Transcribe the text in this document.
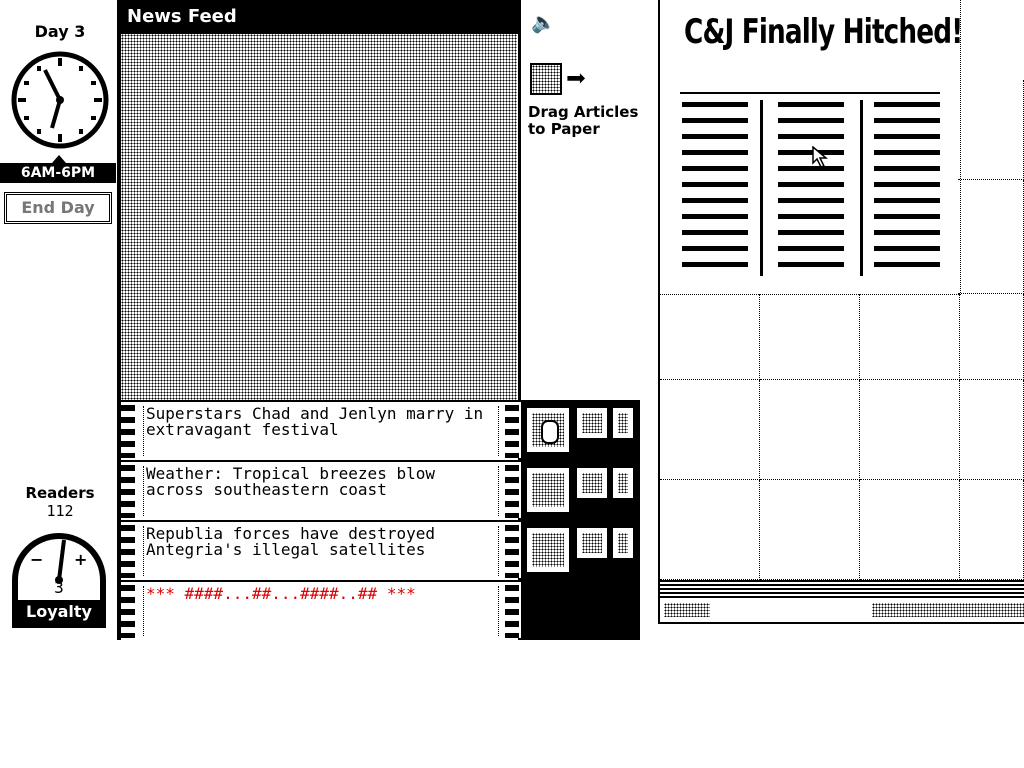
Day 3
6AM-6PM
End Day
Readers
112
− +
3
Loyalty
News Feed
Superstars Chad and Jenlyn marry in extravagant festival
Weather: Tropical breezes blow across southeastern coast
Republia forces have destroyed Antegria's illegal satellites
*** ####...##...####..## ***
🔈
➡
Drag Articles to Paper
C&J Finally Hitched!
